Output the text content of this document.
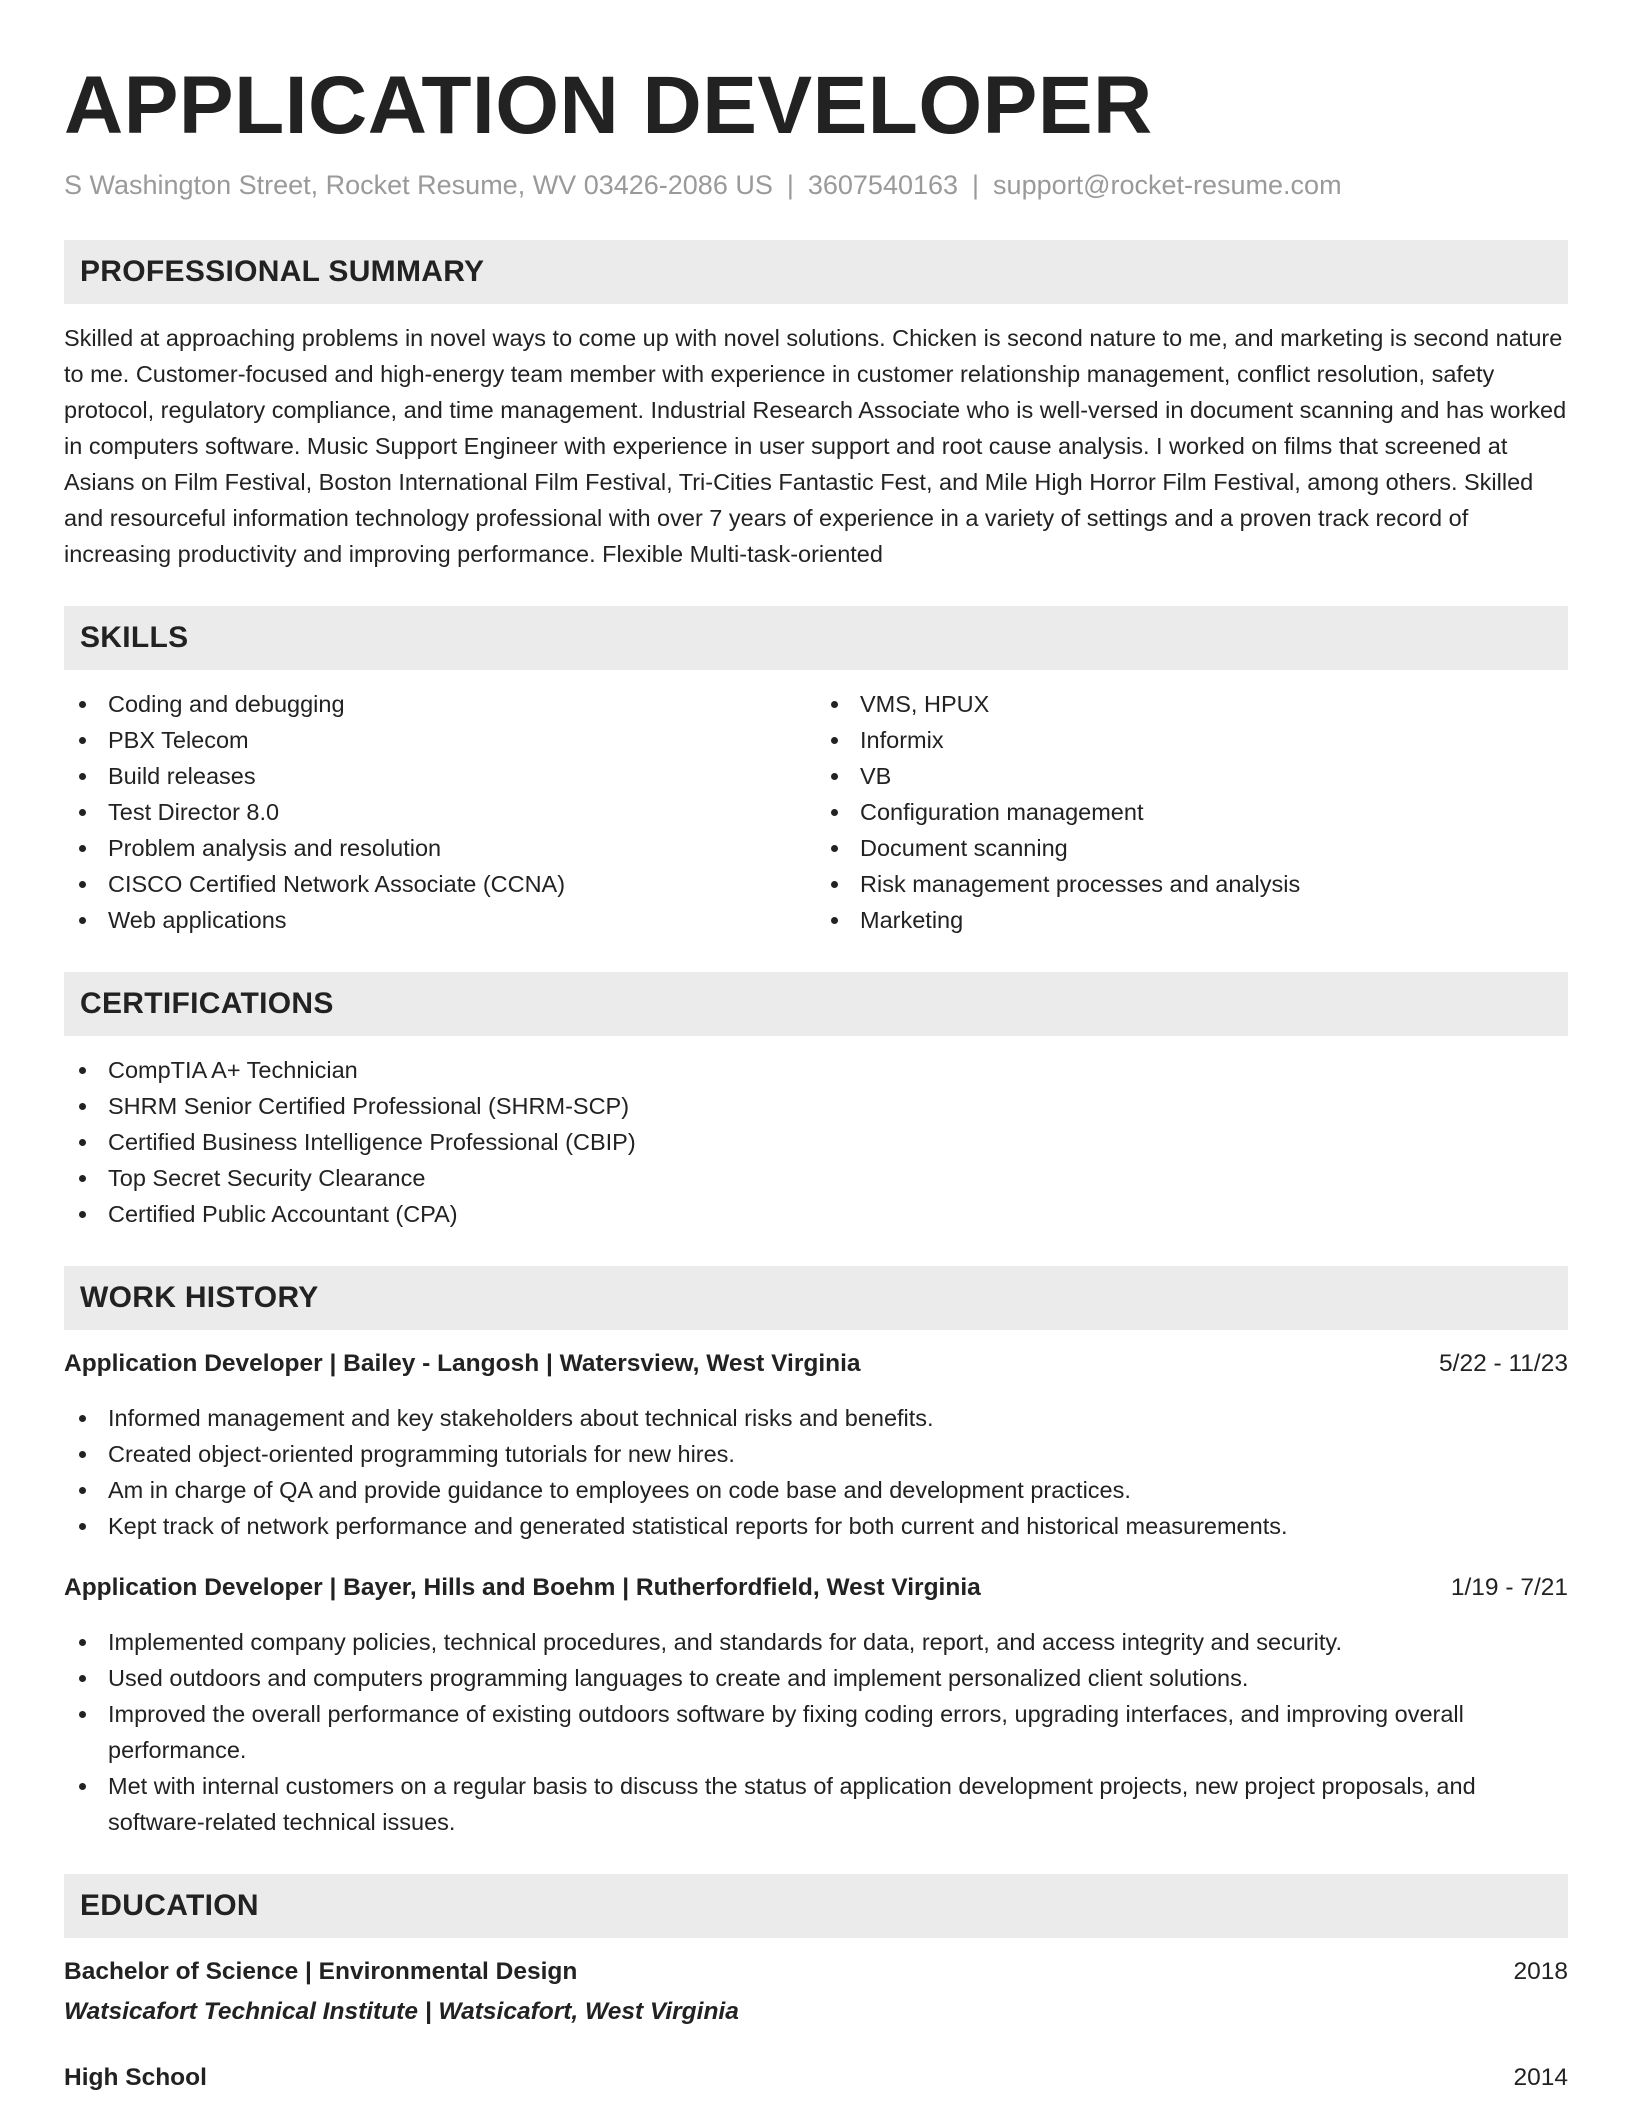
APPLICATION DEVELOPER
S Washington Street, Rocket Resume, WV 03426-2086 US | 3607540163 | support@rocket-resume.com
PROFESSIONAL SUMMARY

Skilled at approaching problems in novel ways to come up with novel solutions. Chicken is second nature to me, and marketing is second nature to me. Customer-focused and high-energy team member with experience in customer relationship management, conflict resolution, safety protocol, regulatory compliance, and time management. Industrial Research Associate who is well-versed in document scanning and has worked in computers software. Music Support Engineer with experience in user support and root cause analysis. I worked on films that screened at Asians on Film Festival, Boston International Film Festival, Tri-Cities Fantastic Fest, and Mile High Horror Film Festival, among others. Skilled and resourceful information technology professional with over 7 years of experience in a variety of settings and a proven track record of increasing productivity and improving performance. Flexible Multi-task-oriented

SKILLS
Coding and debugging
PBX Telecom
Build releases
Test Director 8.0
Problem analysis and resolution
CISCO Certified Network Associate (CCNA)
Web applications
VMS, HPUX
Informix
VB
Configuration management
Document scanning
Risk management processes and analysis
Marketing
CERTIFICATIONS
CompTIA A+ Technician
SHRM Senior Certified Professional (SHRM-SCP)
Certified Business Intelligence Professional (CBIP)
Top Secret Security Clearance
Certified Public Accountant (CPA)
WORK HISTORY
Application Developer | Bailey - Langosh | Watersview, West Virginia	5/22 - 11/23
Informed management and key stakeholders about technical risks and benefits.
Created object-oriented programming tutorials for new hires.
Am in charge of QA and provide guidance to employees on code base and development practices.
Kept track of network performance and generated statistical reports for both current and historical measurements.
Application Developer | Bayer, Hills and Boehm | Rutherfordfield, West Virginia	1/19 - 7/21
Implemented company policies, technical procedures, and standards for data, report, and access integrity and security.
Used outdoors and computers programming languages to create and implement personalized client solutions.
Improved the overall performance of existing outdoors software by fixing coding errors, upgrading interfaces, and improving overall performance.
Met with internal customers on a regular basis to discuss the status of application development projects, new project proposals, and software-related technical issues.
EDUCATION
Bachelor of Science | Environmental Design	2018
Watsicafort Technical Institute | Watsicafort, West Virginia
High School	2014
